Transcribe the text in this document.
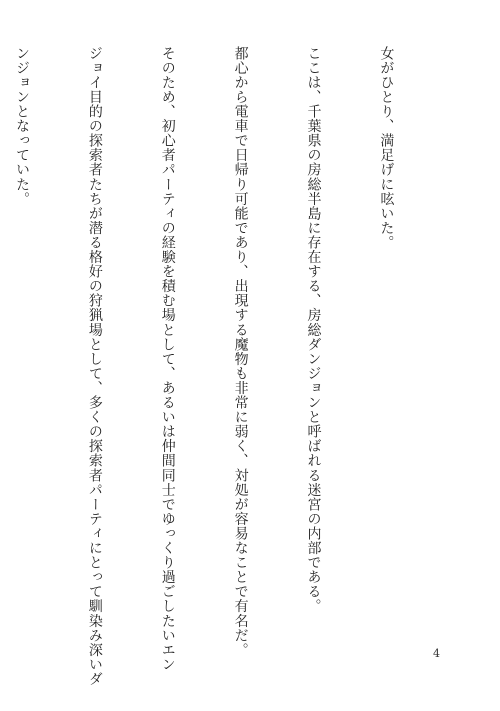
女がひとり、満足げに呟いた。

ここは、千葉県の房総半島に存在する、房総ダンジョンと呼ばれる迷宮の内部である。

都心から電車で日帰り可能であり、出現する魔物も非常に弱く、対処が容易なことで有名だ。

そのため、初心者パーティの経験を積む場として、あるいは仲間同士でゆっくり過ごしたいエン

ジョイ目的の探索者たちが潜る格好の狩猟場として、多くの探索者パーティにとって馴染み深いダ

ンジョンとなっていた。

4
